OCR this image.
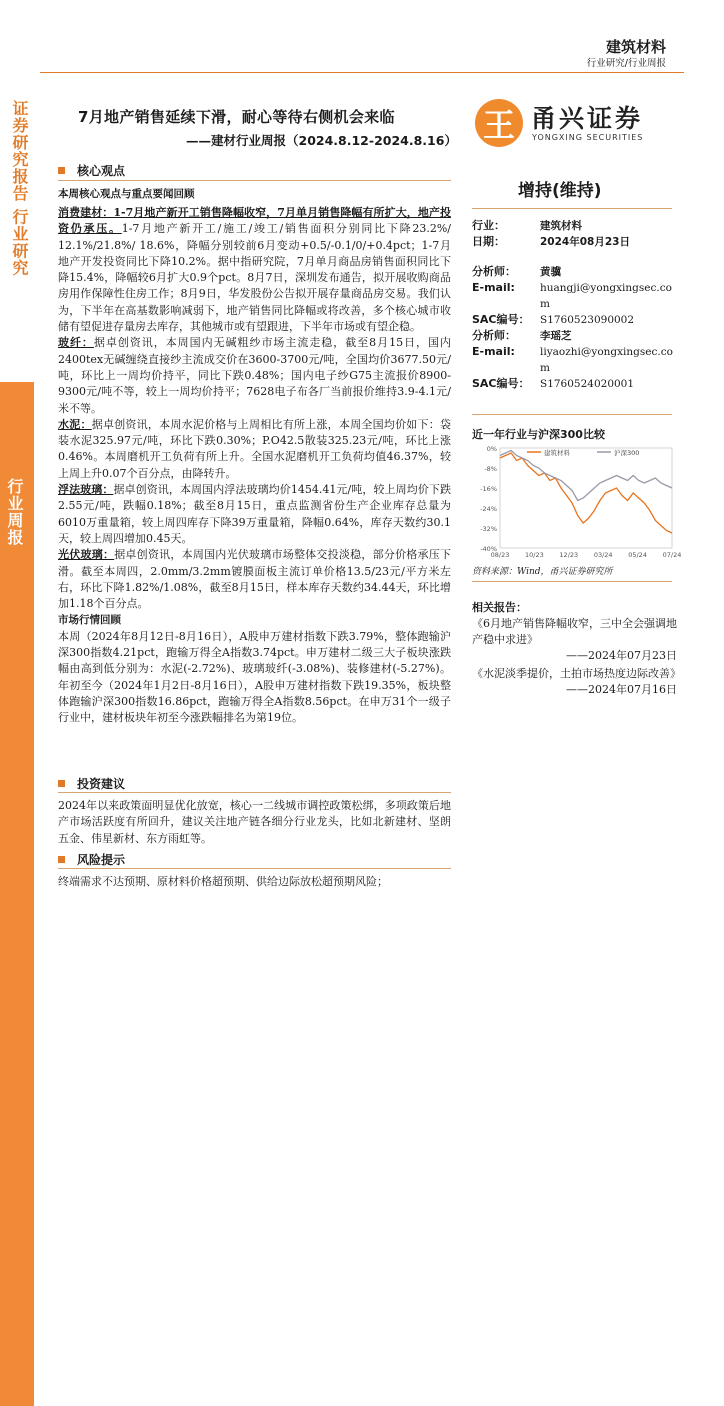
建筑材料
行业研究/行业周报
证券研究报告 行业研究
行业周报
7月地产销售延续下滑，耐心等待右侧机会来临
——建材行业周报（2024.8.12-2024.8.16） 王 甬兴证券
YONGXING SECURITIES
核心观点
本周核心观点与重点要闻回顾

消费建材：1-7月地产新开工销售降幅收窄，7月单月销售降幅有所扩大，地产投资仍承压。1-7月地产新开工/施工/竣工/销售面积分别同比下降23.2%/ 12.1%/21.8%/ 18.6%，降幅分别较前6月变动+0.5/-0.1/0/+0.4pct；1-7月地产开发投资同比下降10.2%。据中指研究院，7月单月商品房销售面积同比下降15.4%，降幅较6月扩大0.9个pct。8月7日，深圳发布通告，拟开展收购商品房用作保障性住房工作；8月9日，华发股份公告拟开展存量商品房交易。我们认为，下半年在高基数影响减弱下，地产销售同比降幅或将改善，多个核心城市收储有望促进存量房去库存，其他城市或有望跟进，下半年市场或有望企稳。

玻纤：据卓创资讯，本周国内无碱粗纱市场主流走稳，截至8月15日，国内2400tex无碱缠绕直接纱主流成交价在3600-3700元/吨，全国均价3677.50元/吨，环比上一周均价持平，同比下跌0.48%；国内电子纱G75主流报价8900-9300元/吨不等，较上一周均价持平；7628电子布各厂当前报价维持3.9-4.1元/米不等。

水泥：据卓创资讯，本周水泥价格与上周相比有所上涨，本周全国均价如下：袋装水泥325.97元/吨，环比下跌0.30%；P.O42.5散装325.23元/吨，环比上涨0.46%。本周磨机开工负荷有所上升。全国水泥磨机开工负荷均值46.37%，较上周上升0.07个百分点，由降转升。

浮法玻璃：据卓创资讯，本周国内浮法玻璃均价1454.41元/吨，较上周均价下跌2.55元/吨，跌幅0.18%；截至8月15日，重点监测省份生产企业库存总量为6010万重量箱，较上周四库存下降39万重量箱，降幅0.64%，库存天数约30.1天，较上周四增加0.45天。

光伏玻璃：据卓创资讯，本周国内光伏玻璃市场整体交投淡稳，部分价格承压下滑。截至本周四，2.0mm/3.2mm镀膜面板主流订单价格13.5/23元/平方米左右，环比下降1.82%/1.08%，截至8月15日，样本库存天数约34.44天，环比增加1.18个百分点。

市场行情回顾

本周（2024年8月12日-8月16日），A股申万建材指数下跌3.79%，整体跑输沪深300指数4.21pct，跑输万得全A指数3.74pct。申万建材二级三大子板块涨跌幅由高到低分别为：水泥(-2.72%)、玻璃玻纤(-3.08%)、装修建材(-5.27%)。年初至今（2024年1月2日-8月16日），A股申万建材指数下跌19.35%，板块整体跑输沪深300指数16.86pct，跑输万得全A指数8.56pct。在申万31个一级子行业中，建材板块年初至今涨跌幅排名为第19位。

投资建议
2024年以来政策面明显优化放宽，核心一二线城市调控政策松绑，多项政策后地产市场活跃度有所回升，建议关注地产链各细分行业龙头，比如北新建材、坚朗五金、伟星新材、东方雨虹等。
风险提示
终端需求不达预期、原材料价格超预期、供给边际放松超预期风险；
增持(维持)
行业：	建筑材料
日期：	2024年08月23日
分析师：	黄骥
E-mail:	huangji@yongxingsec.com
SAC编号： S1760523090002
分析师：	李瑶芝
E-mail:	liyaozhi@yongxingsec.com
SAC编号： S1760524020001
近一年行业与沪深300比较
0%
-8%
-16%
-24%
-32%
-40%
08/23 10/23 12/23 03/24 05/24 07/24
建筑材料	沪深300
资料来源：Wind，甬兴证券研究所
相关报告：
《6月地产销售降幅收窄，三中全会强调地产稳中求进》
——2024年07月23日
《水泥淡季提价，土拍市场热度边际改善》
——2024年07月16日
